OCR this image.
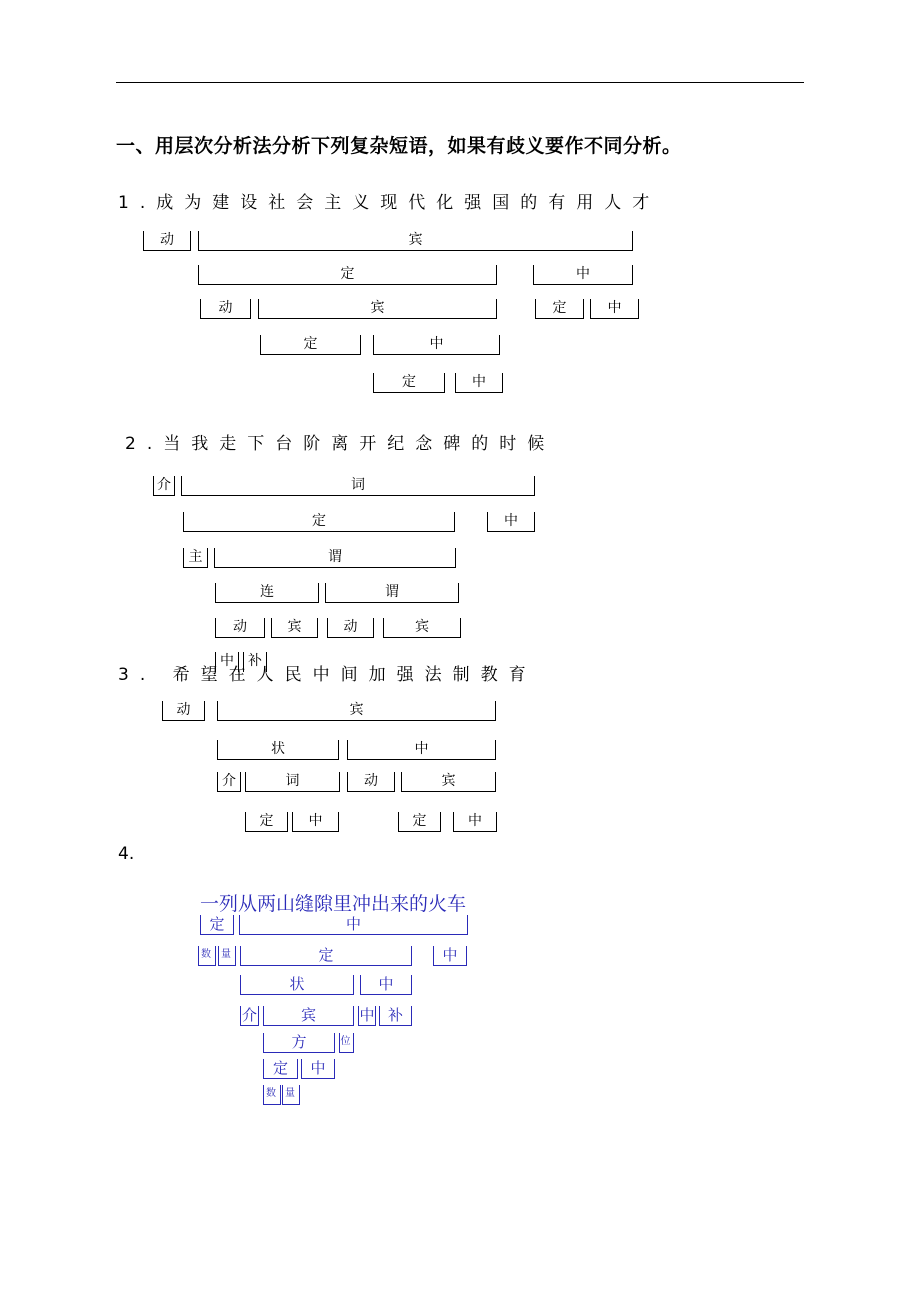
一、用层次分析法分析下列复杂短语，如果有歧义要作不同分析。
1.成为建设社会主义现代化强国的有用人才
动	宾
定	中
动	宾	定	中
定	中
定	中
2.当我走下台阶离开纪念碑的时候
介	词
定	中
主	谓
连	谓
动	宾	动	宾
中	补
3. 希望在人民中间加强法制教育
动	宾
状	中
介	词	动	宾
定	中	定	中
4.
一列从两山缝隙里冲出来的火车
定	中
数 量	定	中
状	中
介	宾	中 补
方	位
定	中
数 量
